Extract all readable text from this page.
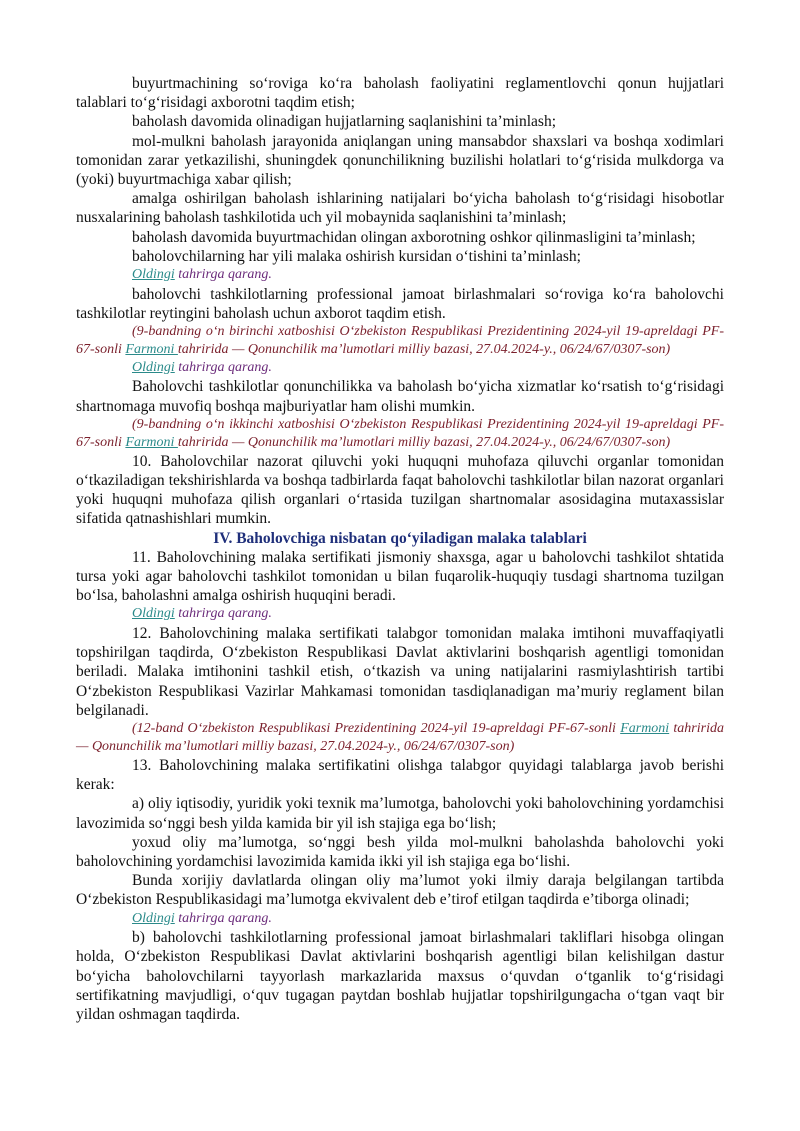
buyurtmachining so‘roviga ko‘ra baholash faoliyatini reglamentlovchi qonun hujjatlari talablari to‘g‘risidagi axborotni taqdim etish;

baholash davomida olinadigan hujjatlarning saqlanishini ta’minlash;

mol-mulkni baholash jarayonida aniqlangan uning mansabdor shaxslari va boshqa xodimlari tomonidan zarar yetkazilishi, shuningdek qonunchilikning buzilishi holatlari to‘g‘risida mulkdorga va (yoki) buyurtmachiga xabar qilish;

amalga oshirilgan baholash ishlarining natijalari bo‘yicha baholash to‘g‘risidagi hisobotlar nusxalarining baholash tashkilotida uch yil mobaynida saqlanishini ta’minlash;

baholash davomida buyurtmachidan olingan axborotning oshkor qilinmasligini ta’minlash;

baholovchilarning har yili malaka oshirish kursidan o‘tishini ta’minlash;

Oldingi tahrirga qarang.

baholovchi tashkilotlarning professional jamoat birlashmalari so‘roviga ko‘ra baholovchi tashkilotlar reytingini baholash uchun axborot taqdim etish.

(9-bandning o‘n birinchi xatboshisi O‘zbekiston Respublikasi Prezidentining 2024-yil 19-apreldagi PF-67-sonli Farmoni tahririda — Qonunchilik ma’lumotlari milliy bazasi, 27.04.2024-y., 06/24/67/0307-son)

Oldingi tahrirga qarang.

Baholovchi tashkilotlar qonunchilikka va baholash bo‘yicha xizmatlar ko‘rsatish to‘g‘risidagi shartnomaga muvofiq boshqa majburiyatlar ham olishi mumkin.

(9-bandning o‘n ikkinchi xatboshisi O‘zbekiston Respublikasi Prezidentining 2024-yil 19-apreldagi PF-67-sonli Farmoni tahririda — Qonunchilik ma’lumotlari milliy bazasi, 27.04.2024-y., 06/24/67/0307-son)

10. Baholovchilar nazorat qiluvchi yoki huquqni muhofaza qiluvchi organlar tomonidan o‘tkaziladigan tekshirishlarda va boshqa tadbirlarda faqat baholovchi tashkilotlar bilan nazorat organlari yoki huquqni muhofaza qilish organlari o‘rtasida tuzilgan shartnomalar asosidagina mutaxassislar sifatida qatnashishlari mumkin.

IV. Baholovchiga nisbatan qo‘yiladigan malaka talablari

11. Baholovchining malaka sertifikati jismoniy shaxsga, agar u baholovchi tashkilot shtatida tursa yoki agar baholovchi tashkilot tomonidan u bilan fuqarolik-huquqiy tusdagi shartnoma tuzilgan bo‘lsa, baholashni amalga oshirish huquqini beradi.

Oldingi tahrirga qarang.

12. Baholovchining malaka sertifikati talabgor tomonidan malaka imtihoni muvaffaqiyatli topshirilgan taqdirda, O‘zbekiston Respublikasi Davlat aktivlarini boshqarish agentligi tomonidan beriladi. Malaka imtihonini tashkil etish, o‘tkazish va uning natijalarini rasmiylashtirish tartibi O‘zbekiston Respublikasi Vazirlar Mahkamasi tomonidan tasdiqlanadigan ma’muriy reglament bilan belgilanadi.

(12-band O‘zbekiston Respublikasi Prezidentining 2024-yil 19-apreldagi PF-67-sonli Farmoni tahririda — Qonunchilik ma’lumotlari milliy bazasi, 27.04.2024-y., 06/24/67/0307-son)

13. Baholovchining malaka sertifikatini olishga talabgor quyidagi talablarga javob berishi kerak:

a) oliy iqtisodiy, yuridik yoki texnik ma’lumotga, baholovchi yoki baholovchining yordamchisi lavozimida so‘nggi besh yilda kamida bir yil ish stajiga ega bo‘lish;

yoxud oliy ma’lumotga, so‘nggi besh yilda mol-mulkni baholashda baholovchi yoki baholovchining yordamchisi lavozimida kamida ikki yil ish stajiga ega bo‘lishi.

Bunda xorijiy davlatlarda olingan oliy ma’lumot yoki ilmiy daraja belgilangan tartibda O‘zbekiston Respublikasidagi ma’lumotga ekvivalent deb e’tirof etilgan taqdirda e’tiborga olinadi;

Oldingi tahrirga qarang.

b) baholovchi tashkilotlarning professional jamoat birlashmalari takliflari hisobga olingan holda, O‘zbekiston Respublikasi Davlat aktivlarini boshqarish agentligi bilan kelishilgan dastur bo‘yicha baholovchilarni tayyorlash markazlarida maxsus o‘quvdan o‘tganlik to‘g‘risidagi sertifikatning mavjudligi, o‘quv tugagan paytdan boshlab hujjatlar topshirilgungacha o‘tgan vaqt bir yildan oshmagan taqdirda.
